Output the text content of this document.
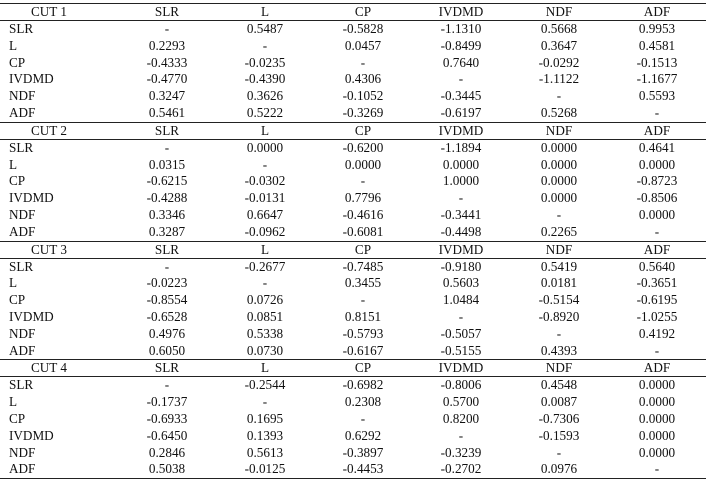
CUT 1	SLR	L	CP	IVDMD	NDF	ADF
SLR	-	0.5487	-0.5828	-1.1310	0.5668	0.9953
L	0.2293	-	0.0457	-0.8499	0.3647	0.4581
CP	-0.4333	-0.0235	-	0.7640	-0.0292	-0.1513
IVDMD	-0.4770	-0.4390	0.4306	-	-1.1122	-1.1677
NDF	0.3247	0.3626	-0.1052	-0.3445	-	0.5593
ADF	0.5461	0.5222	-0.3269	-0.6197	0.5268	-
CUT 2	SLR	L	CP	IVDMD	NDF	ADF
SLR	-	0.0000	-0.6200	-1.1894	0.0000	0.4641
L	0.0315	-	0.0000	0.0000	0.0000	0.0000
CP	-0.6215	-0.0302	-	1.0000	0.0000	-0.8723
IVDMD	-0.4288	-0.0131	0.7796	-	0.0000	-0.8506
NDF	0.3346	0.6647	-0.4616	-0.3441	-	0.0000
ADF	0.3287	-0.0962	-0.6081	-0.4498	0.2265	-
CUT 3	SLR	L	CP	IVDMD	NDF	ADF
SLR	-	-0.2677	-0.7485	-0.9180	0.5419	0.5640
L	-0.0223	-	0.3455	0.5603	0.0181	-0.3651
CP	-0.8554	0.0726	-	1.0484	-0.5154	-0.6195
IVDMD	-0.6528	0.0851	0.8151	-	-0.8920	-1.0255
NDF	0.4976	0.5338	-0.5793	-0.5057	-	0.4192
ADF	0.6050	0.0730	-0.6167	-0.5155	0.4393	-
CUT 4	SLR	L	CP	IVDMD	NDF	ADF
SLR	-	-0.2544	-0.6982	-0.8006	0.4548	0.0000
L	-0.1737	-	0.2308	0.5700	0.0087	0.0000
CP	-0.6933	0.1695	-	0.8200	-0.7306	0.0000
IVDMD	-0.6450	0.1393	0.6292	-	-0.1593	0.0000
NDF	0.2846	0.5613	-0.3897	-0.3239	-	0.0000
ADF	0.5038	-0.0125	-0.4453	-0.2702	0.0976	-
